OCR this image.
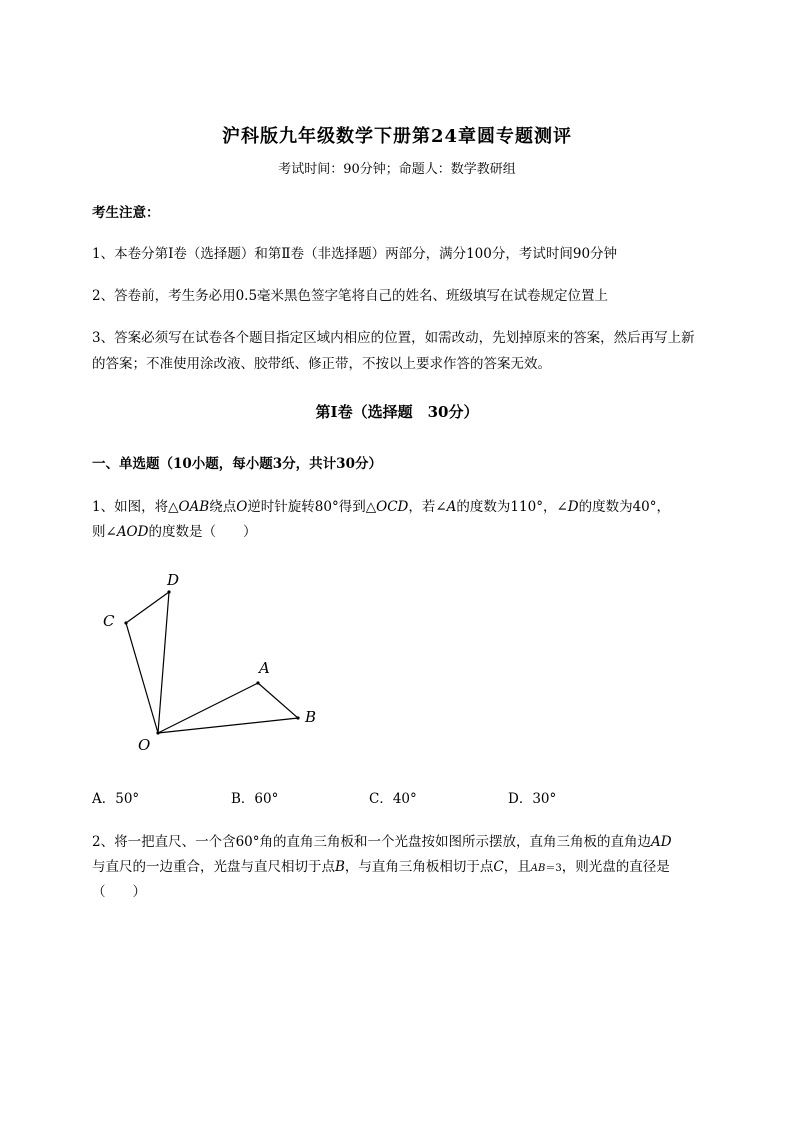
沪科版九年级数学下册第24章圆专题测评
考试时间：90分钟；命题人：数学教研组
考生注意：
1、本卷分第I卷（选择题）和第Ⅱ卷（非选择题）两部分，满分100分，考试时间90分钟
2、答卷前，考生务必用0.5毫米黑色签字笔将自己的姓名、班级填写在试卷规定位置上
3、答案必须写在试卷各个题目指定区域内相应的位置，如需改动，先划掉原来的答案，然后再写上新
的答案；不准使用涂改液、胶带纸、修正带，不按以上要求作答的答案无效。
第I卷（选择题　30分）
一、单选题（10小题，每小题3分，共计30分）
1、如图，将△OAB绕点O逆时针旋转80°得到△OCD，若∠A的度数为110°，∠D的度数为40°，
则∠AOD的度数是（　　）
D
C
A
B
O
A．50°	B．60°	C．40°	D．30°
2、将一把直尺、一个含60°角的直角三角板和一个光盘按如图所示摆放，直角三角板的直角边AD
与直尺的一边重合，光盘与直尺相切于点B，与直角三角板相切于点C，且AB＝3，则光盘的直径是
（　　）
